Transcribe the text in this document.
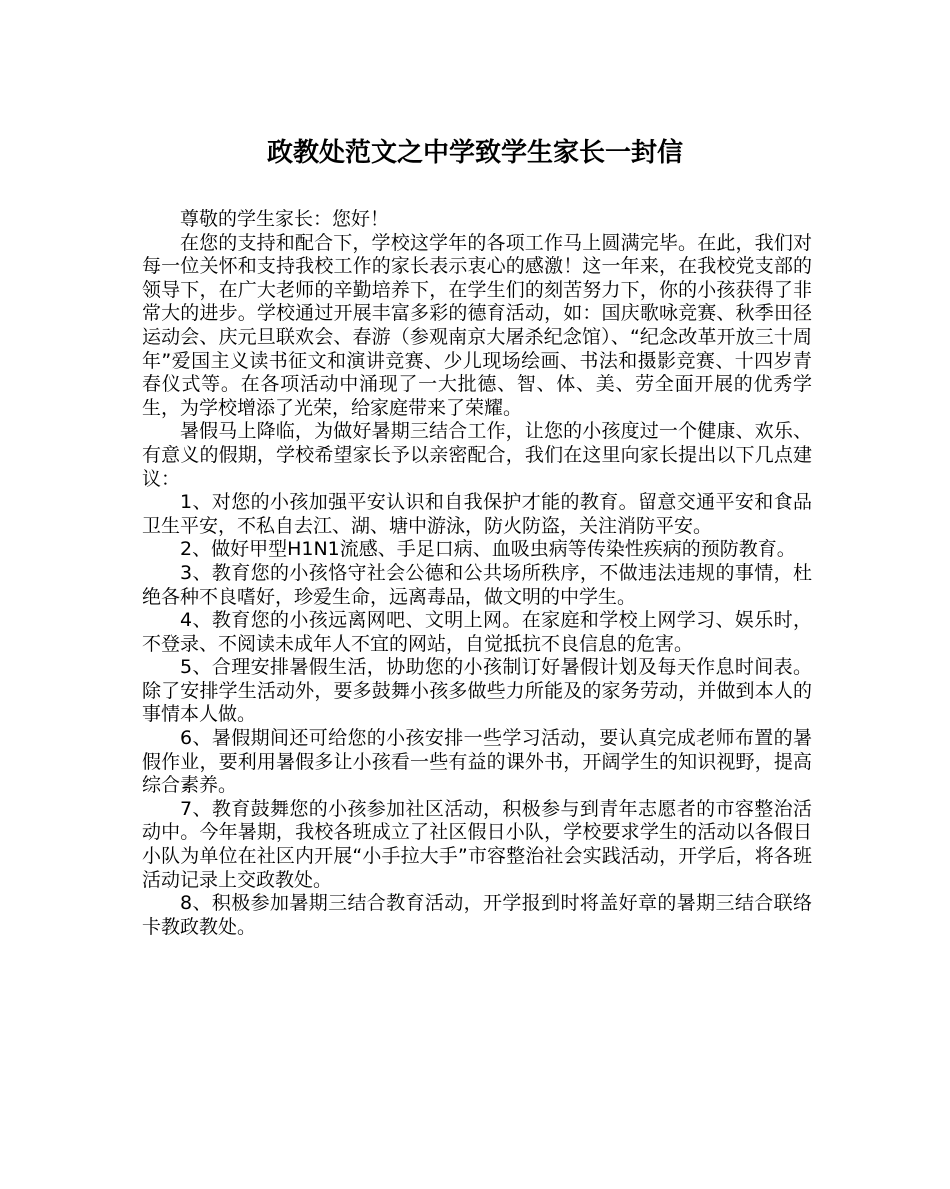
政教处范文之中学致学生家长一封信

尊敬的学生家长：您好！

在您的支持和配合下，学校这学年的各项工作马上圆满完毕。在此，我们对每一位关怀和支持我校工作的家长表示衷心的感激！这一年来，在我校党支部的领导下，在广大老师的辛勤培养下，在学生们的刻苦努力下，你的小孩获得了非常大的进步。学校通过开展丰富多彩的德育活动，如：国庆歌咏竞赛、秋季田径运动会、庆元旦联欢会、春游（参观南京大屠杀纪念馆）、“纪念改革开放三十周年”爱国主义读书征文和演讲竞赛、少儿现场绘画、书法和摄影竞赛、十四岁青春仪式等。在各项活动中涌现了一大批德、智、体、美、劳全面开展的优秀学生，为学校增添了光荣，给家庭带来了荣耀。

暑假马上降临，为做好暑期三结合工作，让您的小孩度过一个健康、欢乐、有意义的假期，学校希望家长予以亲密配合，我们在这里向家长提出以下几点建议：

1、对您的小孩加强平安认识和自我保护才能的教育。留意交通平安和食品卫生平安，不私自去江、湖、塘中游泳，防火防盗，关注消防平安。

2、做好甲型H1N1流感、手足口病、血吸虫病等传染性疾病的预防教育。

3、教育您的小孩恪守社会公德和公共场所秩序，不做违法违规的事情，杜绝各种不良嗜好，珍爱生命，远离毒品，做文明的中学生。

4、教育您的小孩远离网吧、文明上网。在家庭和学校上网学习、娱乐时，不登录、不阅读未成年人不宜的网站，自觉抵抗不良信息的危害。

5、合理安排暑假生活，协助您的小孩制订好暑假计划及每天作息时间表。除了安排学生活动外，要多鼓舞小孩多做些力所能及的家务劳动，并做到本人的事情本人做。

6、暑假期间还可给您的小孩安排一些学习活动，要认真完成老师布置的暑假作业，要利用暑假多让小孩看一些有益的课外书，开阔学生的知识视野，提高综合素养。

7、教育鼓舞您的小孩参加社区活动，积极参与到青年志愿者的市容整治活动中。今年暑期，我校各班成立了社区假日小队，学校要求学生的活动以各假日小队为单位在社区内开展“小手拉大手”市容整治社会实践活动，开学后，将各班活动记录上交政教处。

8、积极参加暑期三结合教育活动，开学报到时将盖好章的暑期三结合联络卡教政教处。
